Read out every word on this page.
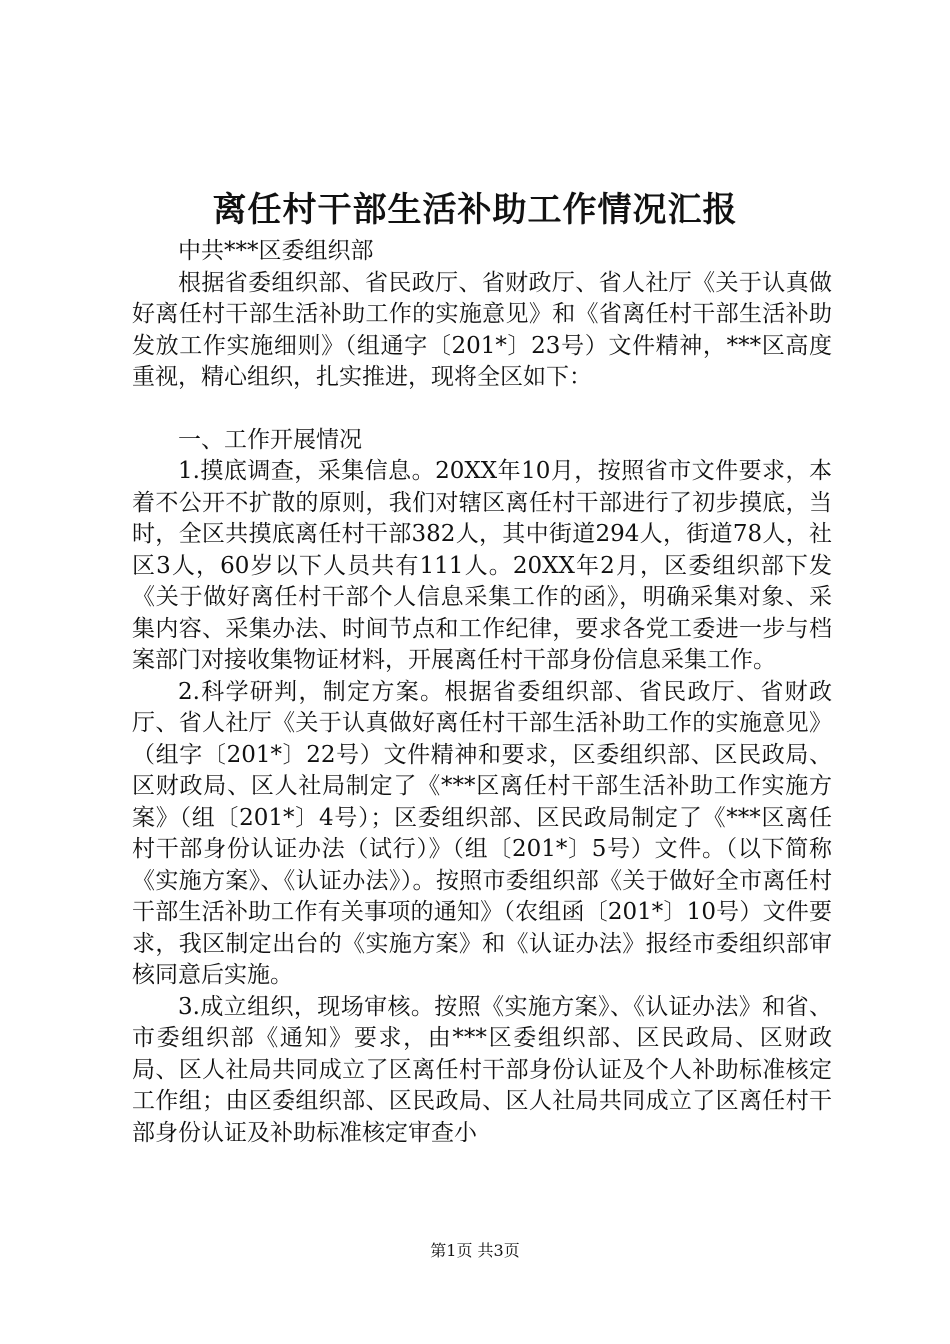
离任村干部生活补助工作情况汇报

中共***区委组织部

根据省委组织部、省民政厅、省财政厅、省人社厅《关于认真做好离任村干部生活补助工作的实施意见》和《省离任村干部生活补助发放工作实施细则》（组通字〔201*〕23号）文件精神，***区高度重视，精心组织，扎实推进，现将全区如下：

一、工作开展情况

1.摸底调查，采集信息。20XX年10月，按照省市文件要求，本着不公开不扩散的原则，我们对辖区离任村干部进行了初步摸底，当时，全区共摸底离任村干部382人，其中街道294人，街道78人，社区3人，60岁以下人员共有111人。20XX年2月，区委组织部下发《关于做好离任村干部个人信息采集工作的函》，明确采集对象、采集内容、采集办法、时间节点和工作纪律，要求各党工委进一步与档案部门对接收集物证材料，开展离任村干部身份信息采集工作。

2.科学研判，制定方案。根据省委组织部、省民政厅、省财政厅、省人社厅《关于认真做好离任村干部生活补助工作的实施意见》（组字〔201*〕22号）文件精神和要求，区委组织部、区民政局、区财政局、区人社局制定了《***区离任村干部生活补助工作实施方案》（组〔201*〕4号）；区委组织部、区民政局制定了《***区离任村干部身份认证办法（试行）》（组〔201*〕5号）文件。（以下简称《实施方案》、《认证办法》）。按照市委组织部《关于做好全市离任村干部生活补助工作有关事项的通知》（农组函〔201*〕10号）文件要求，我区制定出台的《实施方案》和《认证办法》报经市委组织部审核同意后实施。

3.成立组织，现场审核。按照《实施方案》、《认证办法》和省、市委组织部《通知》要求，由***区委组织部、区民政局、区财政局、区人社局共同成立了区离任村干部身份认证及个人补助标准核定工作组；由区委组织部、区民政局、区人社局共同成立了区离任村干部身份认证及补助标准核定审查小

第1页 共3页
